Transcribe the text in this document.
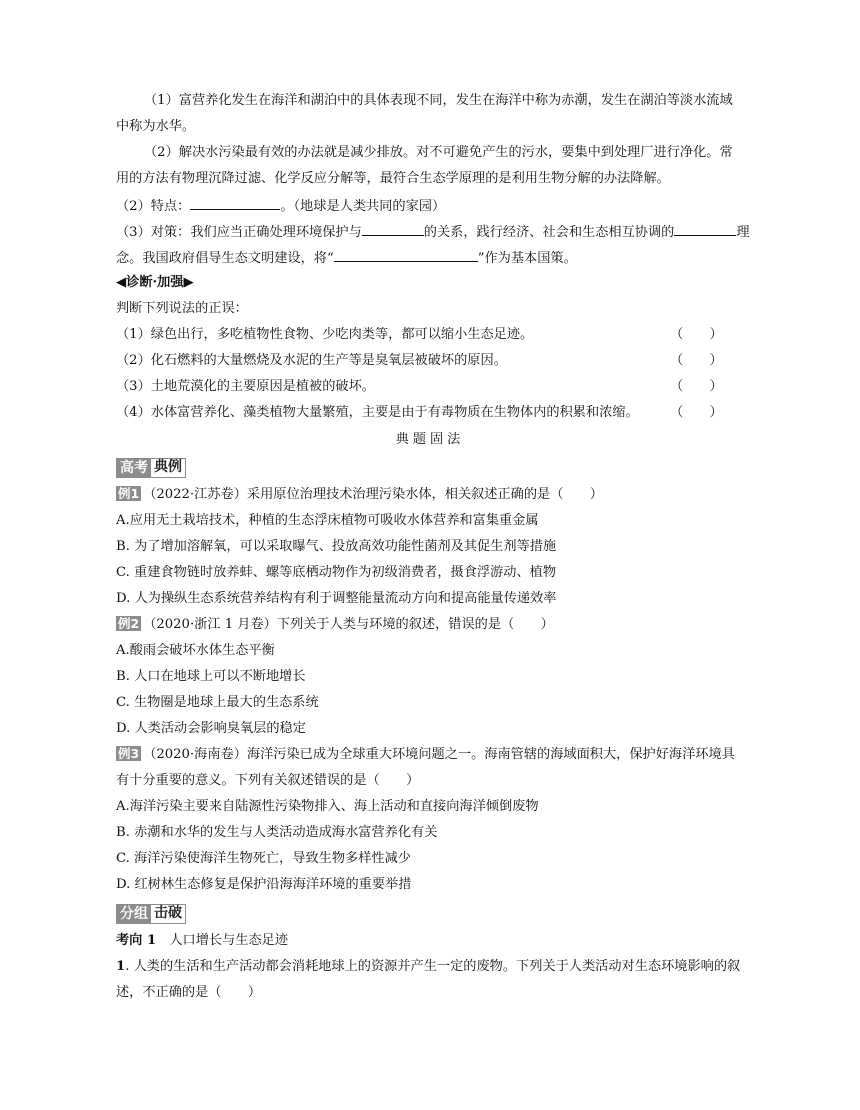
（1）富营养化发生在海洋和湖泊中的具体表现不同，发生在海洋中称为赤潮，发生在湖泊等淡水流域
中称为水华。
（2）解决水污染最有效的办法就是减少排放。对不可避免产生的污水，要集中到处理厂进行净化。常
用的方法有物理沉降过滤、化学反应分解等，最符合生态学原理的是利用生物分解的办法降解。
（2）特点：	。（地球是人类共同的家园）
（3）对策：我们应当正确处理环境保护与	的关系，践行经济、社会和生态相互协调的	理
念。我国政府倡导生态文明建设，将“	”作为基本国策。
◀诊断·加强▶
判断下列说法的正误：
（1）绿色出行，多吃植物性食物、少吃肉类等，都可以缩小生态足迹。	（　　）
（2）化石燃料的大量燃烧及水泥的生产等是臭氧层被破坏的原因。	（　　）
（3）土地荒漠化的主要原因是植被的破坏。	（　　）
（4）水体富营养化、藻类植物大量繁殖，主要是由于有毒物质在生物体内的积累和浓缩。	（　　）
典题固法
高考 典例
例1 （2022·江苏卷）采用原位治理技术治理污染水体，相关叙述正确的是（　　）
A.应用无土栽培技术，种植的生态浮床植物可吸收水体营养和富集重金属
B. 为了增加溶解氧，可以采取曝气、投放高效功能性菌剂及其促生剂等措施
C. 重建食物链时放养蚌、螺等底栖动物作为初级消费者，摄食浮游动、植物
D. 人为操纵生态系统营养结构有利于调整能量流动方向和提高能量传递效率
例2 （2020·浙江 1 月卷）下列关于人类与环境的叙述，错误的是（　　）
A.酸雨会破坏水体生态平衡
B. 人口在地球上可以不断地增长
C. 生物圈是地球上最大的生态系统
D. 人类活动会影响臭氧层的稳定
例3 （2020·海南卷）海洋污染已成为全球重大环境问题之一。海南管辖的海域面积大，保护好海洋环境具
有十分重要的意义。下列有关叙述错误的是（　　）
A.海洋污染主要来自陆源性污染物排入、海上活动和直接向海洋倾倒废物
B. 赤潮和水华的发生与人类活动造成海水富营养化有关
C. 海洋污染使海洋生物死亡，导致生物多样性减少
D. 红树林生态修复是保护沿海海洋环境的重要举措
分组 击破
考向 1　 人口增长与生态足迹
1. 人类的生活和生产活动都会消耗地球上的资源并产生一定的废物。下列关于人类活动对生态环境影响的叙
述，不正确的是（　　）
